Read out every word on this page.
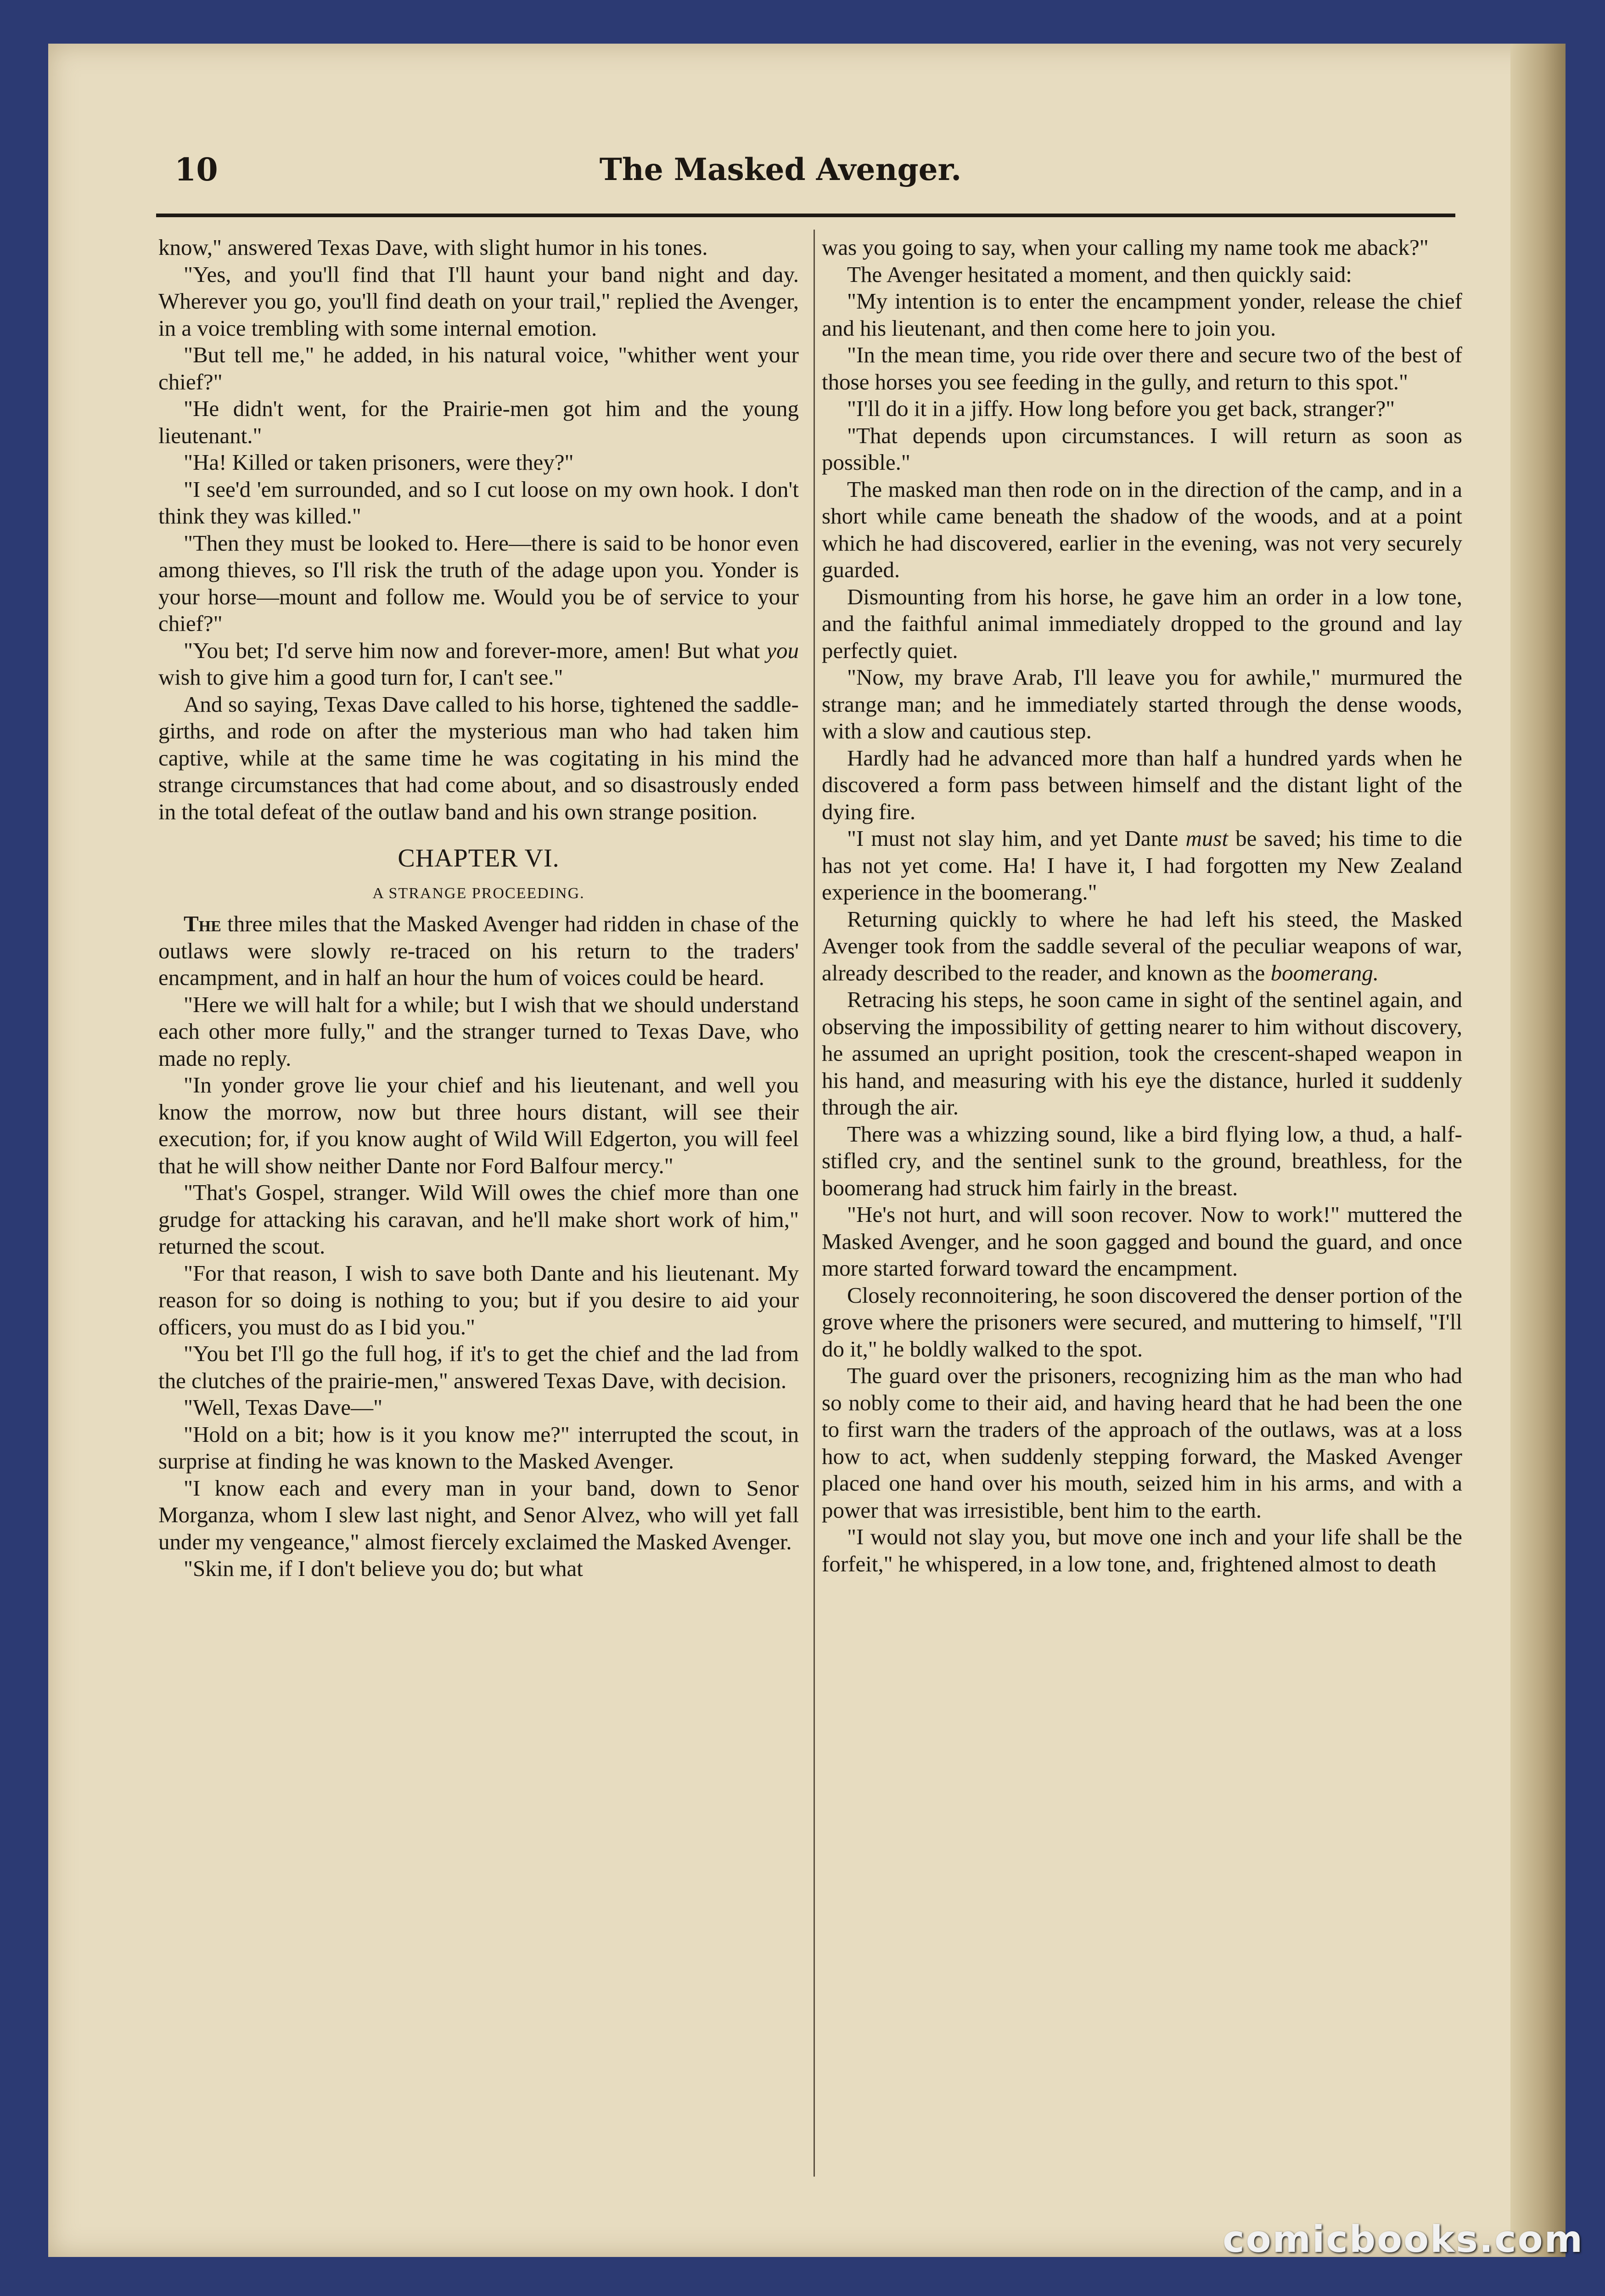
10	The Masked Avenger.

know," answered Texas Dave, with slight humor in his tones.

"Yes, and you'll find that I'll haunt your band night and day. Wherever you go, you'll find death on your trail," replied the Avenger, in a voice trembling with some internal emotion.

"But tell me," he added, in his natural voice, "whither went your chief?"

"He didn't went, for the Prairie-men got him and the young lieutenant."

"Ha! Killed or taken prisoners, were they?"

"I see'd 'em surrounded, and so I cut loose on my own hook. I don't think they was killed."

"Then they must be looked to. Here—there is said to be honor even among thieves, so I'll risk the truth of the adage upon you. Yonder is your horse—mount and follow me. Would you be of service to your chief?"

"You bet; I'd serve him now and forever-more, amen! But what you wish to give him a good turn for, I can't see."

And so saying, Texas Dave called to his horse, tightened the saddle-girths, and rode on after the mysterious man who had taken him captive, while at the same time he was cogitating in his mind the strange circumstances that had come about, and so disastrously ended in the total defeat of the outlaw band and his own strange position.

CHAPTER VI.
A STRANGE PROCEEDING.

The three miles that the Masked Avenger had ridden in chase of the outlaws were slowly re-traced on his return to the traders' encampment, and in half an hour the hum of voices could be heard.

"Here we will halt for a while; but I wish that we should understand each other more fully," and the stranger turned to Texas Dave, who made no reply.

"In yonder grove lie your chief and his lieutenant, and well you know the morrow, now but three hours distant, will see their execution; for, if you know aught of Wild Will Edgerton, you will feel that he will show neither Dante nor Ford Balfour mercy."

"That's Gospel, stranger. Wild Will owes the chief more than one grudge for attacking his caravan, and he'll make short work of him," returned the scout.

"For that reason, I wish to save both Dante and his lieutenant. My reason for so doing is nothing to you; but if you desire to aid your officers, you must do as I bid you."

"You bet I'll go the full hog, if it's to get the chief and the lad from the clutches of the prairie-men," answered Texas Dave, with decision.

"Well, Texas Dave—"

"Hold on a bit; how is it you know me?" interrupted the scout, in surprise at finding he was known to the Masked Avenger.

"I know each and every man in your band, down to Senor Morganza, whom I slew last night, and Senor Alvez, who will yet fall under my vengeance," almost fiercely exclaimed the Masked Avenger.

"Skin me, if I don't believe you do; but what

was you going to say, when your calling my name took me aback?"

The Avenger hesitated a moment, and then quickly said:

"My intention is to enter the encampment yonder, release the chief and his lieutenant, and then come here to join you.

"In the mean time, you ride over there and secure two of the best of those horses you see feeding in the gully, and return to this spot."

"I'll do it in a jiffy. How long before you get back, stranger?"

"That depends upon circumstances. I will return as soon as possible."

The masked man then rode on in the direction of the camp, and in a short while came beneath the shadow of the woods, and at a point which he had discovered, earlier in the evening, was not very securely guarded.

Dismounting from his horse, he gave him an order in a low tone, and the faithful animal immediately dropped to the ground and lay perfectly quiet.

"Now, my brave Arab, I'll leave you for awhile," murmured the strange man; and he immediately started through the dense woods, with a slow and cautious step.

Hardly had he advanced more than half a hundred yards when he discovered a form pass between himself and the distant light of the dying fire.

"I must not slay him, and yet Dante must be saved; his time to die has not yet come. Ha! I have it, I had forgotten my New Zealand experience in the boomerang."

Returning quickly to where he had left his steed, the Masked Avenger took from the saddle several of the peculiar weapons of war, already described to the reader, and known as the boomerang.

Retracing his steps, he soon came in sight of the sentinel again, and observing the impossibility of getting nearer to him without discovery, he assumed an upright position, took the crescent-shaped weapon in his hand, and measuring with his eye the distance, hurled it suddenly through the air.

There was a whizzing sound, like a bird flying low, a thud, a half-stifled cry, and the sentinel sunk to the ground, breathless, for the boomerang had struck him fairly in the breast.

"He's not hurt, and will soon recover. Now to work!" muttered the Masked Avenger, and he soon gagged and bound the guard, and once more started forward toward the encampment.

Closely reconnoitering, he soon discovered the denser portion of the grove where the prisoners were secured, and muttering to himself, "I'll do it," he boldly walked to the spot.

The guard over the prisoners, recognizing him as the man who had so nobly come to their aid, and having heard that he had been the one to first warn the traders of the approach of the outlaws, was at a loss how to act, when suddenly stepping forward, the Masked Avenger placed one hand over his mouth, seized him in his arms, and with a power that was irresistible, bent him to the earth.

"I would not slay you, but move one inch and your life shall be the forfeit," he whispered, in a low tone, and, frightened almost to death

comicbooks.com
